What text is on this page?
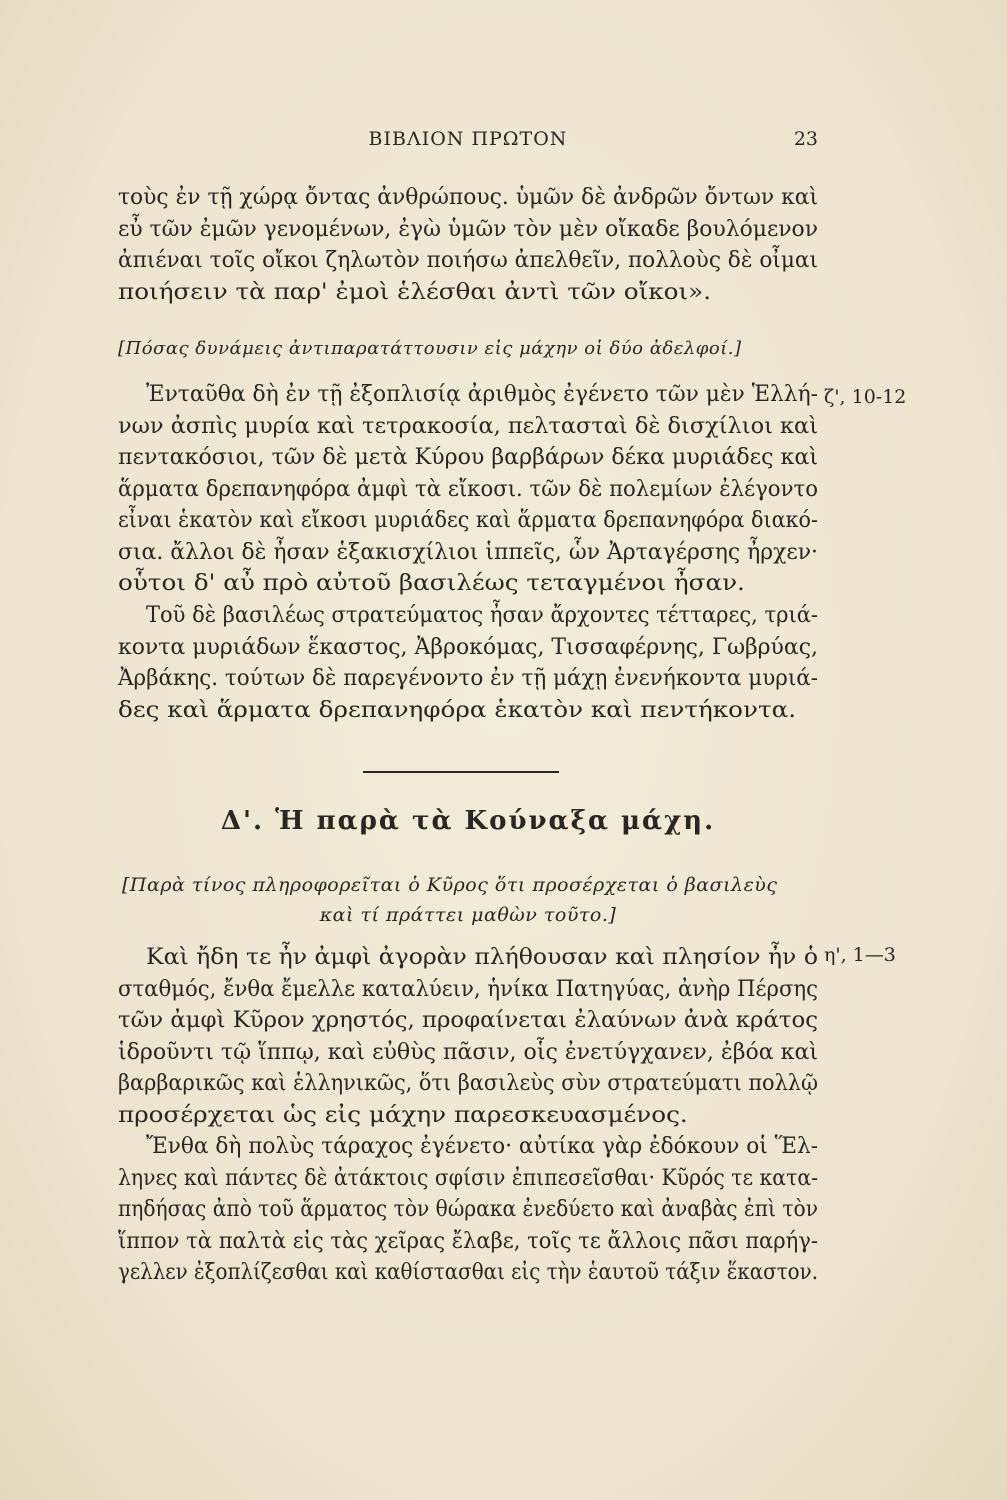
ΒΙΒΛΙΟΝ ΠΡΩΤΟΝ	23

τοὺς ἐν τῇ χώρᾳ ὄντας ἀνθρώπους. ὑμῶν δὲ ἀνδρῶν ὄντων καὶ
εὖ τῶν ἐμῶν γενομένων, ἐγὼ ὑμῶν τὸν μὲν οἴκαδε βουλόμενον
ἀπιέναι τοῖς οἴκοι ζηλωτὸν ποιήσω ἀπελθεῖν, πολλοὺς δὲ οἶμαι
ποιήσειν τὰ παρ' ἐμοὶ ἑλέσθαι ἀντὶ τῶν οἴκοι».

[Πόσας δυνάμεις ἀντιπαρατάττουσιν εἰς μάχην οἱ δύο ἀδελφοί.]

Ἐνταῦθα δὴ ἐν τῇ ἐξοπλισίᾳ ἀριθμὸς ἐγένετο τῶν μὲν Ἑλλή-
νων ἀσπὶς μυρία καὶ τετρακοσία, πελτασταὶ δὲ δισχίλιοι καὶ
πεντακόσιοι, τῶν δὲ μετὰ Κύρου βαρβάρων δέκα μυριάδες καὶ
ἅρματα δρεπανηφόρα ἀμφὶ τὰ εἴκοσι. τῶν δὲ πολεμίων ἐλέγοντο
εἶναι ἑκατὸν καὶ εἴκοσι μυριάδες καὶ ἅρματα δρεπανηφόρα διακό-
σια. ἄλλοι δὲ ἦσαν ἑξακισχίλιοι ἱππεῖς, ὧν Ἀρταγέρσης ἦρχεν·
οὗτοι δ' αὖ πρὸ αὐτοῦ βασιλέως τεταγμένοι ἦσαν.

ζ', 10-12

Τοῦ δὲ βασιλέως στρατεύματος ἦσαν ἄρχοντες τέτταρες, τριά-
κοντα μυριάδων ἕκαστος, Ἀβροκόμας, Τισσαφέρνης, Γωβρύας,
Ἀρβάκης. τούτων δὲ παρεγένοντο ἐν τῇ μάχῃ ἐνενήκοντα μυριά-
δες καὶ ἅρματα δρεπανηφόρα ἑκατὸν καὶ πεντήκοντα.

Δ'. Ἡ παρὰ τὰ Κούναξα μάχη.
[Παρὰ τίνος πληροφορεῖται ὁ Κῦρος ὅτι προσέρχεται ὁ βασιλεὺς
καὶ τί πράττει μαθὼν τοῦτο.]

Καὶ ἤδη τε ἦν ἀμφὶ ἀγορὰν πλήθουσαν καὶ πλησίον ἦν ὁ
σταθμός, ἔνθα ἔμελλε καταλύειν, ἡνίκα Πατηγύας, ἀνὴρ Πέρσης
τῶν ἀμφὶ Κῦρον χρηστός, προφαίνεται ἐλαύνων ἀνὰ κράτος
ἱδροῦντι τῷ ἵππῳ, καὶ εὐθὺς πᾶσιν, οἷς ἐνετύγχανεν, ἐβόα καὶ
βαρβαρικῶς καὶ ἑλληνικῶς, ὅτι βασιλεὺς σὺν στρατεύματι πολλῷ
προσέρχεται ὡς εἰς μάχην παρεσκευασμένος.

η', 1—3

Ἔνθα δὴ πολὺς τάραχος ἐγένετο· αὐτίκα γὰρ ἐδόκουν οἱ Ἕλ-
ληνες καὶ πάντες δὲ ἀτάκτοις σφίσιν ἐπιπεσεῖσθαι· Κῦρός τε κατα-
πηδήσας ἀπὸ τοῦ ἅρματος τὸν θώρακα ἐνεδύετο καὶ ἀναβὰς ἐπὶ τὸν
ἵππον τὰ παλτὰ εἰς τὰς χεῖρας ἔλαβε, τοῖς τε ἄλλοις πᾶσι παρήγ-
γελλεν ἐξοπλίζεσθαι καὶ καθίστασθαι εἰς τὴν ἑαυτοῦ τάξιν ἕκαστον.
